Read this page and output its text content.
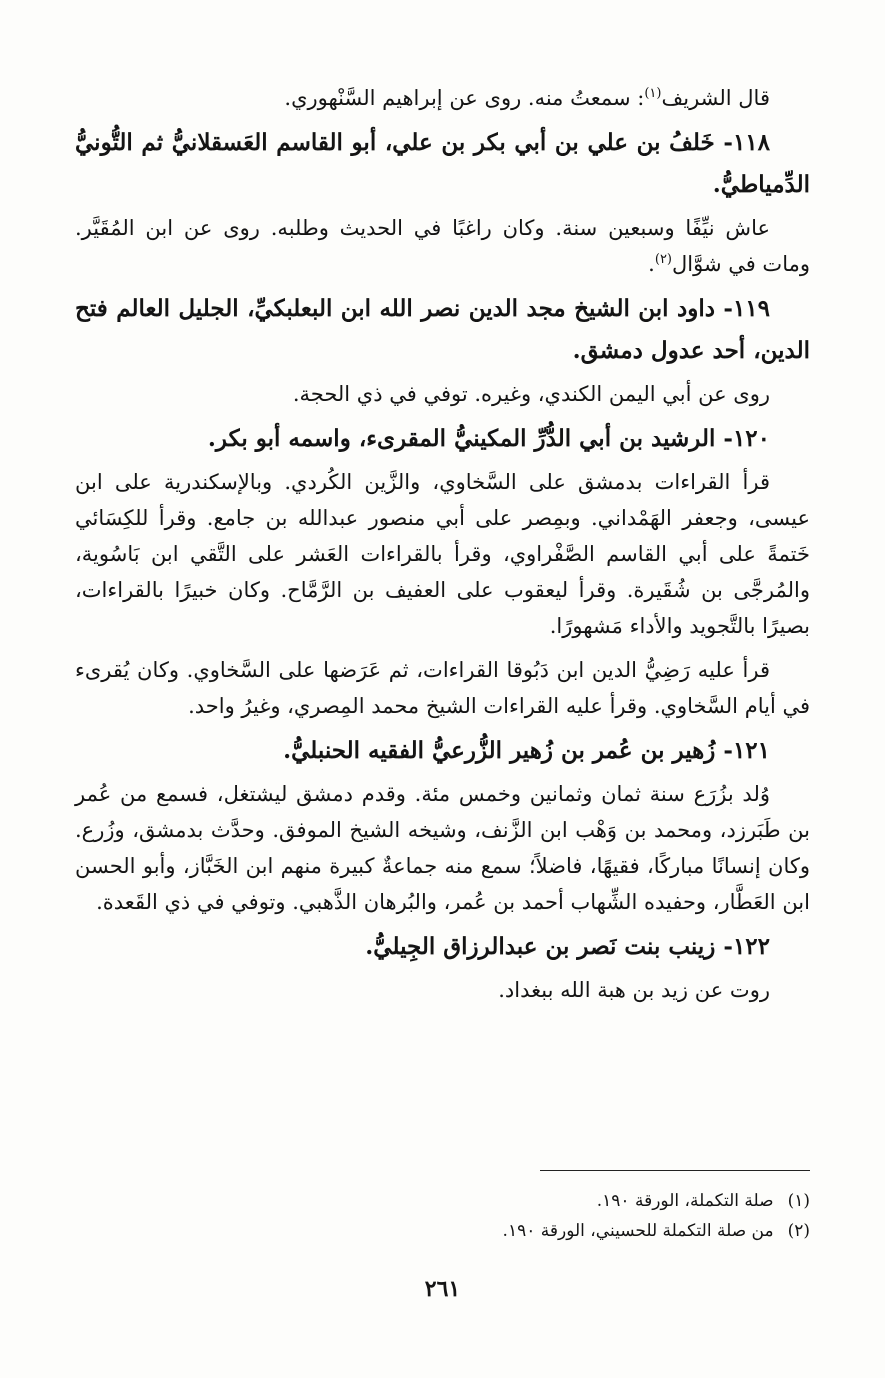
قال الشريف$^{(١)}$: سمعتُ منه. روى عن إبراهيم السَّنْهوري.

١١٨- خَلفُ بن علي بن أبي بكر بن علي، أبو القاسم العَسقلانيُّ ثم التُّونيُّ الدِّمياطيُّ.

عاش نيِّفًا وسبعين سنة. وكان راغبًا في الحديث وطلبه. روى عن ابن المُقَيَّر. ومات في شوَّال$^{(٢)}$.

١١٩- داود ابن الشيخ مجد الدين نصر الله ابن البعلبكيِّ، الجليل العالم فتح الدين، أحد عدول دمشق.

روى عن أبي اليمن الكندي، وغيره. توفي في ذي الحجة.

١٢٠- الرشيد بن أبي الدُّرِّ المكينيُّ المقرىء، واسمه أبو بكر.

قرأ القراءات بدمشق على السَّخاوي، والزَّين الكُردي. وبالإسكندرية على ابن عيسى، وجعفر الهَمْداني. وبمِصر على أبي منصور عبدالله بن جامع. وقرأ للكِسَائي خَتمةً على أبي القاسم الصَّفْراوي، وقرأ بالقراءات العَشر على التَّقي ابن بَاسُوية، والمُرجَّى بن شُقَيرة. وقرأ ليعقوب على العفيف بن الرَّمَّاح. وكان خبيرًا بالقراءات، بصيرًا بالتَّجويد والأداء مَشهورًا.

قرأ عليه رَضِيُّ الدين ابن دَبُوقا القراءات، ثم عَرَضها على السَّخاوي. وكان يُقرىء في أيام السَّخاوي. وقرأ عليه القراءات الشيخ محمد المِصري، وغيرُ واحد.

١٢١- زُهير بن عُمر بن زُهير الزُّرعيُّ الفقيه الحنبليُّ.

وُلد بزُرَع سنة ثمان وثمانين وخمس مئة. وقدم دمشق ليشتغل، فسمع من عُمر بن طَبَرزد، ومحمد بن وَهْب ابن الزَّنف، وشيخه الشيخ الموفق. وحدَّث بدمشق، وزُرع. وكان إنسانًا مباركًا، فقيهًا، فاضلاً؛ سمع منه جماعةٌ كبيرة منهم ابن الخَبَّاز، وأبو الحسن ابن العَطَّار، وحفيده الشِّهاب أحمد بن عُمر، والبُرهان الذَّهبي. وتوفي في ذي القَعدة.

١٢٢- زينب بنت نَصر بن عبدالرزاق الجِيليُّ.

روت عن زيد بن هبة الله ببغداد.

(١)صلة التكملة، الورقة ١٩٠.

(٢)من صلة التكملة للحسيني، الورقة ١٩٠.

٢٦١
